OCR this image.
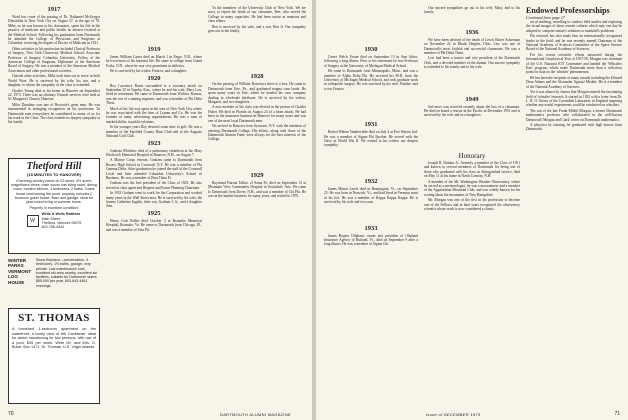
1917

Word has come of the passing of Dr. Nathaniel McGregor Dinwiddie in New York City on August 27, at the age of 78. Mike, as he was known to his classmates, spent his life in the practice of medicine and public health, an interest fostered at the Medical School. Following his graduation from Dartmouth he attended the College of Physicians and Surgeons at Columbia, receiving the degree of Doctor of Medicine in 1921.

Other activities in his profession included Clinical Professor of Surgery, New York University Medical School; Associate Professor of Surgery, Columbia University, Fellow of the American College of Surgeons, Diplomate of the American Board of Surgery. He was a member of the American Medical Association and other professional societies.

Outside other activities, Mike took time out to serve in both World Wars. He is survived by his wife, his son, and a daughter, to whom the sympathy of the class is extended.

Charles Young died at his home in Hanover on September 22, 1973. There was no obituary. Funeral services were held at St. Margaret's Church, Hanover.

Miles Donahue was one of Brownie's great men. He was instrumental in arranging recognition on his profession. To Dartmouth men everywhere he contributed to many of us for his work in the Class. The class extends its deepest sympathy to his family.

Thetford Hill
(15 MINUTES TO HANOVER)
Charming country home on 23 acres; 4½ acres; magnificent views, main house has living room, dining room, modern kitchen, 4 bedrooms, 2 baths. Guest house overlooking the pond, property includes 2 bedroom guest house. Barn and garage. Ideal for year-round living or summer home.
Property in excellent condition!
W
Wells & Wells Realtors
Main Street
Thetford, Vermont 05075
802-785-4344
WINTER
PARKS
VERMONT
LOG HOUSE
Stone fireplace—conversation, 4 bedrooms, 1½ baths, garage, very private. Low maintenance cost, excellent ski area nearby, excellent ski facilities, suitable for Dartmouth skiers. $55,000 per year, 603-643-4461 evenings.
ST. THOMAS
A furnished 1-bedroom apartment on the waterfront, a lovely view of the Caribbean, ideal for winter vacationing for two persons, with use of a pool, $35 per week. Write Mr. and Mrs. D. Buick, Box 1471, St. Thomas, U.S. Virgin Islands.

1919

James William Carter died on March 1 in Fargo, N.D., where he lived most of his business life. He came to college from Grand Forks, N.D., where he was very prominent in athletics.

He is survived by his widow Frances, and a daughter.

1920

Roy Lawrence Burns succumbed to a coronary attack on September 25 in Topeka, Kan., where he and his wife, Mary Lou, lived in retirement. He came to Dartmouth from Wichita, Kansas, was the son of a mining engineer, and was a member of Phi Delta Theta.

Much of his life was spent in the area of New York City where he was associated with the firm of Lyman and Co. He was the founder of many advertising organizations. He was a man of marked ability in public relations.

In his younger years Roy devoted some time to golf. He was a member of the Fairfield County Hunt Club and of the Augusta National Golf Club.

1923

Graham Whitelaw died of a pulmonary embolism at the Mary Hitchcock Memorial Hospital in Hanover, N.H., on August 7.

A Marine Corps veteran, Graham came to Dartmouth from Rosary High School in Cornwall, N.Y. He was a member of Phi Gamma Delta. After graduation he joined the staff of the Cornwall Local and later attended Columbia University's School of Business. He was a member of Beta Theta Pi.

Graham was the first president of the Class of 1923. He also served as class agent and Bequest and Estate Planning Chairman.

In 1933 Graham went to work for the Corporation and worked many years in the Wall Street area. He is survived by his wife, the former Catherine Ingalls, their son, Graham J. Jr., and a daughter Ann.

1925

Henry Cole Boller died October 3 at Roanoke Memorial Hospital, Roanoke, Va. He came to Dartmouth from Chicago, Ill., and was a member of Zeta Psi.

To the members of the University Club of New York. We are sorry to report the death of our classmate, Ben, who served the College in many capacities. He had been active in reunions and class affairs.

Ben is survived by his wife, and a son, Ben Jr. Our sympathy goes out to the family.

1928

On the passing of William Bowersox there is a loss. He came to Dartmouth from Erie, Pa., and graduated magna cum laude. He spent many years in Erie, where he headed his own company dealing in wholesale hardware. He is survived by his widow, Margaret, and two daughters.

A new member of the class was elected in the person of Charles Fisher. He died in Florida on August 24 of a heart attack. He had been in the insurance business in Hanover for many years and was one of the most loyal Dartmouth men.

We arrived in Hanover from Syracuse, N.Y. with the intention of entering Dartmouth College. His efforts, along with those of the Dartmouth Alumni Fund, were always for the best interests of the College.

1929

Raymond Burton Talbot, of Santa Fe, died on September 13 at Mountain View Community Hospital in Scottsdale, Ariz. He came to Dartmouth from Dover, N.H., and was a member of Chi Phi. He was in the lumber business for many years, and retired in 1970.

70	DARTMOUTH ALUMNI MAGAZINE

1930

Carter Welch Foster died on September 13 in Ann Arbor, following a long illness. Prior to his retirement he was Professor of Surgery at the University of Michigan Medical School.

He came to Dartmouth from Minneapolis, Minn., and was a member of Alpha Delta Phi. He received his M.D. from the University of Michigan Medical School, and took graduate work in orthopedic surgery. He was survived by his wife, Pauline, and a son, Francis.

1931

Robert Walton Vandervelde died on July 4 at Fort Wayne, Ind. He was a member of Sigma Phi Epsilon. He served with the Navy in World War II. We extend to his widow our deepest sympathy.

1932

James Mason Leach died in Bennington, Vt., on September 25. He was born in Norwich, Vt., and had lived in Vermont most of his life. He was a member of Kappa Kappa Kappa. He is survived by his wife and two sons.

1933

James Rogers Oliphant, owner and president of Oliphant Insurance Agency of Rutland, Vt., died on September 9 after a long illness. He was a member of Sigma Chi.

Our sincere sympathies go out to his wife, Mary, and to his family.

1936

We have been advised of the death of Lewis Elmer Ackerman on November 22 in Rhode Heights, Ohio. Lew was one of Dartmouth's most faithful and successful classmates. He was a member of Phi Delta Theta.

Lew had been a trustee and vice president of the Dartmouth Club, and a devoted member of the alumni. Our sincere sympathy is extended to his family and to his wife.

1949

Sad news was received recently about the loss of a classmate. He died on board a cruiser in the Pacific in December 1951 and is survived by his wife and two daughters.

Honorary

Joseph R. Dunbar Jr., formerly a member of the Class of 1951 and known to several members of Dartmouth for being one of those who graduated with his class in distinguished service, died on May 11 at his home in North Conway, N.H.

A member of the Mt. Washington Weather Observatory, where he served as a meteorologist, he was a mountaineer and a member of the Appalachian Mountain Club, and was widely known for his writing about the mountains of New Hampshire.

Mr. Morgan was one of the first in his profession to become one of the Fellows and in later years recognized the observatory scientist whose work is now considered a classic.

Endowed Professorships
Continued from page 17

art of teaching, travelling to conduct field studies and exploring the visual images of those remote cultures which may one day be adopted to compose nature's solutions to mankind's problems.

His research has also made him an internationally recognized leader in the field, and he was recently named Chairman of the National Academy of Sciences Committee of the Space Science Board of the National Academy of Sciences.

For his recent scientific efforts measured during the International Geophysical Year of 1957-58, Morgan was chairman of the U.S. National IGY Committee and headed the 'Whistlers East' program, which made Dartmouth more than a collection point for data on the 'whistler' phenomenon.

He has been the recipient of many awards including the Edward Dean Adams and the Alexander Agassiz Medals. He is a member of the National Academy of Sciences.

Yet it was almost by chance that Morgan entered the fascinating field of 'whistler' research. It started in 1952 with a letter from Dr. L. R. O. Storey of the Cavendish Laboratory in England inquiring whether any useful experiments could be conducted on whistlers.

The son of the late Frank Millett Morgan, a former Dartmouth mathematics professor who collaborated in the well-known Dartmouth 'Morgan and Clark' series on Dartmouth mathematics.

A physicist by training, he graduated with high honors from Dartmouth.

Issue of DECEMBER 1973	71
